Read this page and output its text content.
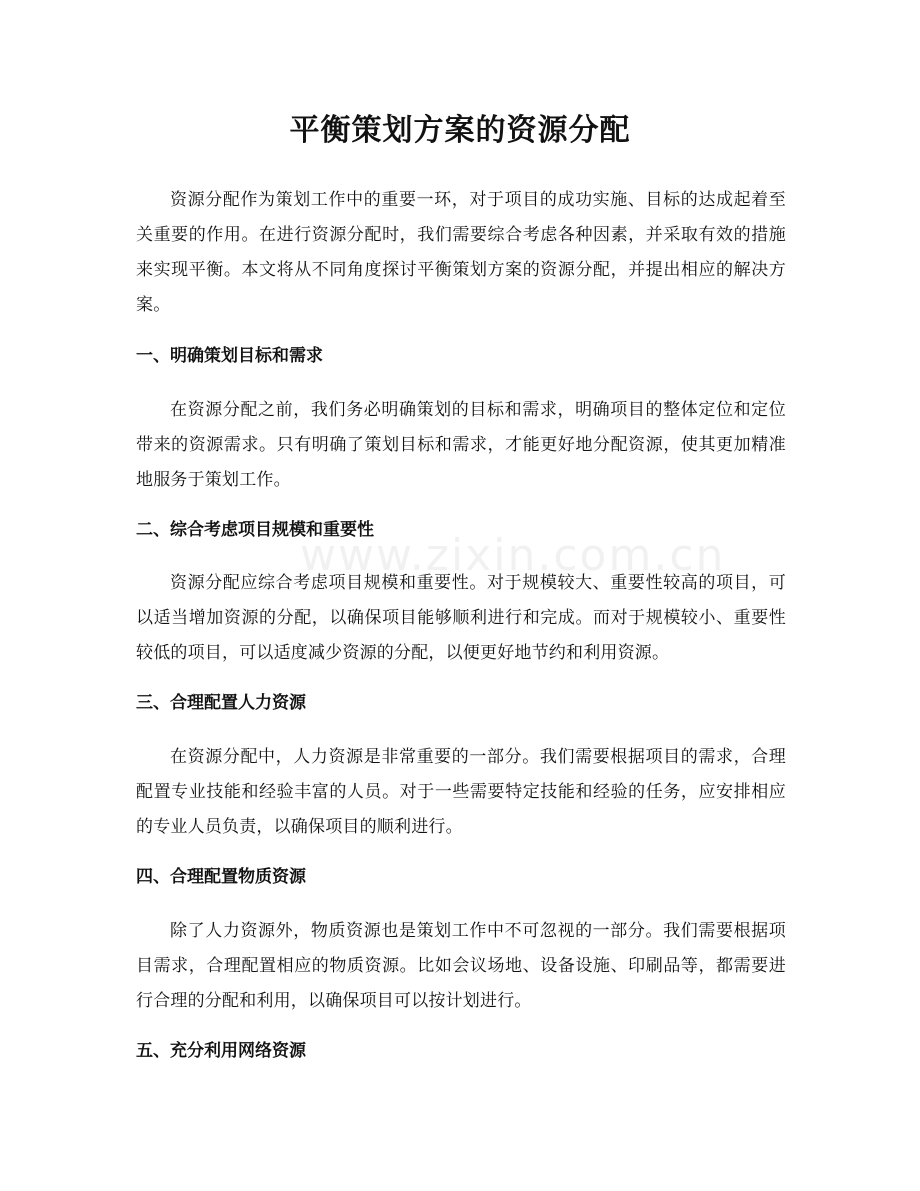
平衡策划方案的资源分配

资源分配作为策划工作中的重要一环，对于项目的成功实施、目标的达成起着至关重要的作用。在进行资源分配时，我们需要综合考虑各种因素，并采取有效的措施来实现平衡。本文将从不同角度探讨平衡策划方案的资源分配，并提出相应的解决方案。

一、明确策划目标和需求

在资源分配之前，我们务必明确策划的目标和需求，明确项目的整体定位和定位带来的资源需求。只有明确了策划目标和需求，才能更好地分配资源，使其更加精准地服务于策划工作。

二、综合考虑项目规模和重要性

资源分配应综合考虑项目规模和重要性。对于规模较大、重要性较高的项目，可以适当增加资源的分配，以确保项目能够顺利进行和完成。而对于规模较小、重要性较低的项目，可以适度减少资源的分配，以便更好地节约和利用资源。

三、合理配置人力资源

在资源分配中，人力资源是非常重要的一部分。我们需要根据项目的需求，合理配置专业技能和经验丰富的人员。对于一些需要特定技能和经验的任务，应安排相应的专业人员负责，以确保项目的顺利进行。

四、合理配置物质资源

除了人力资源外，物质资源也是策划工作中不可忽视的一部分。我们需要根据项目需求，合理配置相应的物质资源。比如会议场地、设备设施、印刷品等，都需要进行合理的分配和利用，以确保项目可以按计划进行。

五、充分利用网络资源
www.zixin.com.cn
